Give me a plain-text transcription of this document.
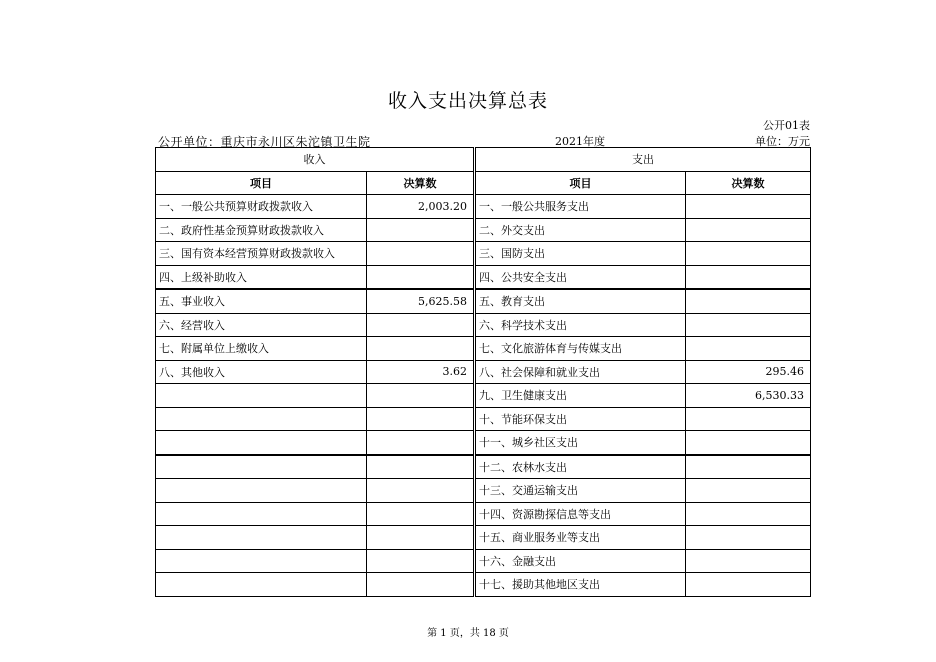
收入支出决算总表
公开01表
公开单位：重庆市永川区朱沱镇卫生院	2021年度	单位：万元
收入			支出	
项目	决算数		项目	决算数
一、一般公共预算财政拨款收入	2,003.20		一、一般公共服务支出	
二、政府性基金预算财政拨款收入			二、外交支出	
三、国有资本经营预算财政拨款收入			三、国防支出	
四、上级补助收入			四、公共安全支出	
五、事业收入	5,625.58		五、教育支出	
六、经营收入			六、科学技术支出	
七、附属单位上缴收入			七、文化旅游体育与传媒支出	
八、其他收入	3.62		八、社会保障和就业支出	295.46
			九、卫生健康支出	6,530.33
			十、节能环保支出	
			十一、城乡社区支出	
			十二、农林水支出	
			十三、交通运输支出	
			十四、资源勘探信息等支出	
			十五、商业服务业等支出	
			十六、金融支出	
			十七、援助其他地区支出	
第 1 页，共 18 页
